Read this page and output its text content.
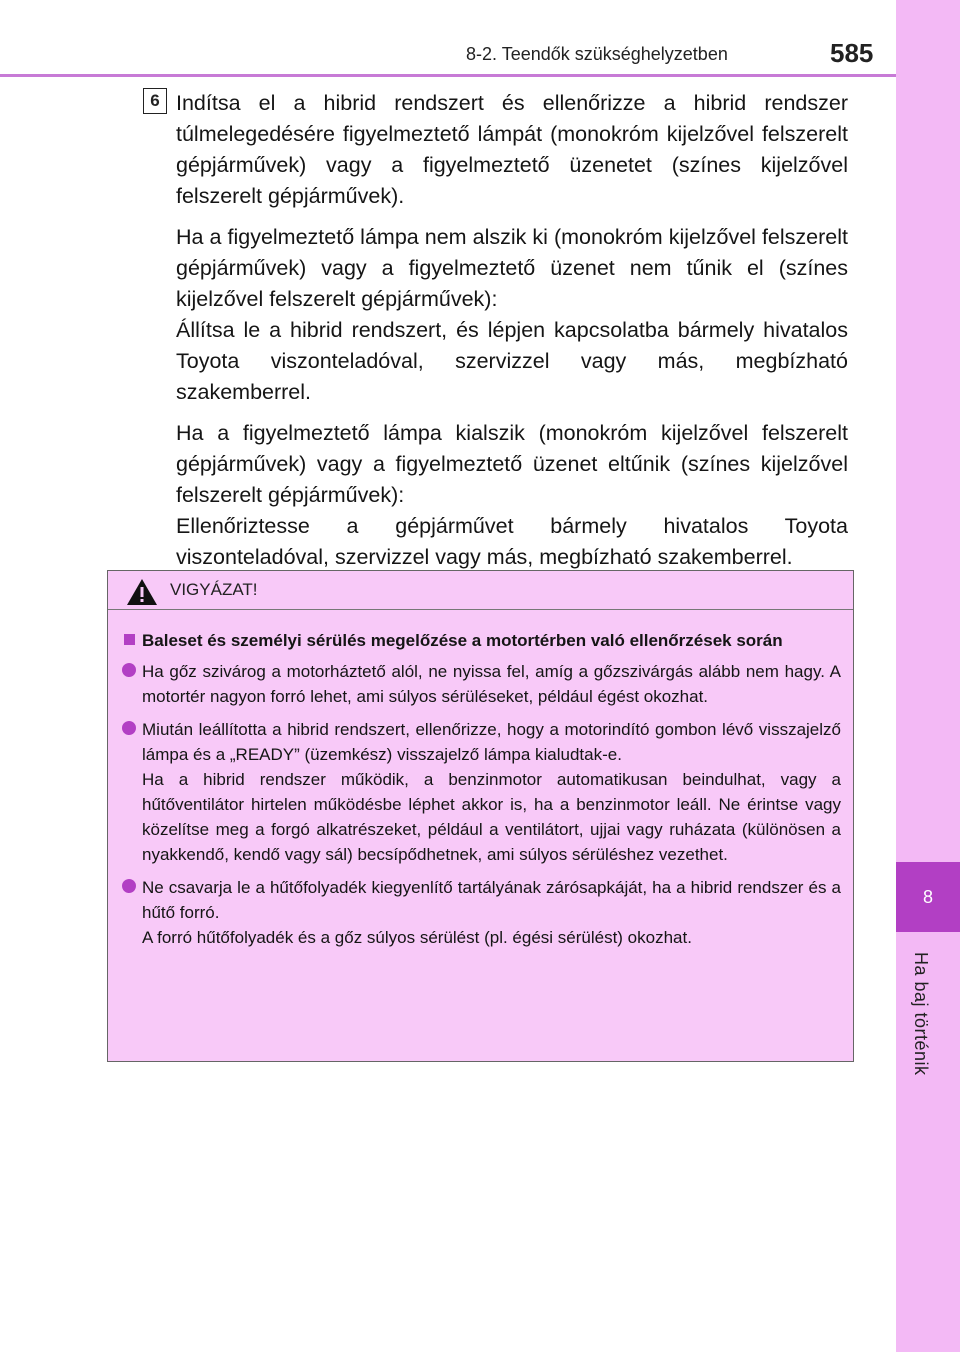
8-2. Teendők szükséghelyzetben	585
8
Ha baj történik
6 Indítsa el a hibrid rendszert és ellenőrizze a hibrid rendszer túlmelegedésére figyelmeztető lámpát (monokróm kijelzővel felszerelt gépjárművek) vagy a figyelmeztető üzenetet (színes kijelzővel felszerelt gépjárművek).

Ha a figyelmeztető lámpa nem alszik ki (monokróm kijelzővel felszerelt gépjárművek) vagy a figyelmeztető üzenet nem tűnik el (színes kijelzővel felszerelt gépjárművek):
Állítsa le a hibrid rendszert, és lépjen kapcsolatba bármely hivatalos Toyota viszonteladóval, szervizzel vagy más, megbízható szakemberrel.

Ha a figyelmeztető lámpa kialszik (monokróm kijelzővel felszerelt gépjárművek) vagy a figyelmeztető üzenet eltűnik (színes kijelzővel felszerelt gépjárművek):
Ellenőriztesse a gépjárművet bármely hivatalos Toyota viszonteladóval, szervizzel vagy más, megbízható szakemberrel.

VIGYÁZAT!
Baleset és személyi sérülés megelőzése a motortérben való ellenőrzések során

Ha gőz szivárog a motorháztető alól, ne nyissa fel, amíg a gőzszivárgás alább nem hagy. A motortér nagyon forró lehet, ami súlyos sérüléseket, például égést okozhat.

Miután leállította a hibrid rendszert, ellenőrizze, hogy a motorindító gombon lévő visszajelző lámpa és a „READY” (üzemkész) visszajelző lámpa kialudtak-e.

Ha a hibrid rendszer működik, a benzinmotor automatikusan beindulhat, vagy a hűtőventilátor hirtelen működésbe léphet akkor is, ha a benzinmotor leáll. Ne érintse vagy közelítse meg a forgó alkatrészeket, például a ventilátort, ujjai vagy ruházata (különösen a nyakkendő, kendő vagy sál) becsípődhetnek, ami súlyos sérüléshez vezethet.

Ne csavarja le a hűtőfolyadék kiegyenlítő tartályának zárósapkáját, ha a hibrid rendszer és a hűtő forró.

A forró hűtőfolyadék és a gőz súlyos sérülést (pl. égési sérülést) okozhat.
